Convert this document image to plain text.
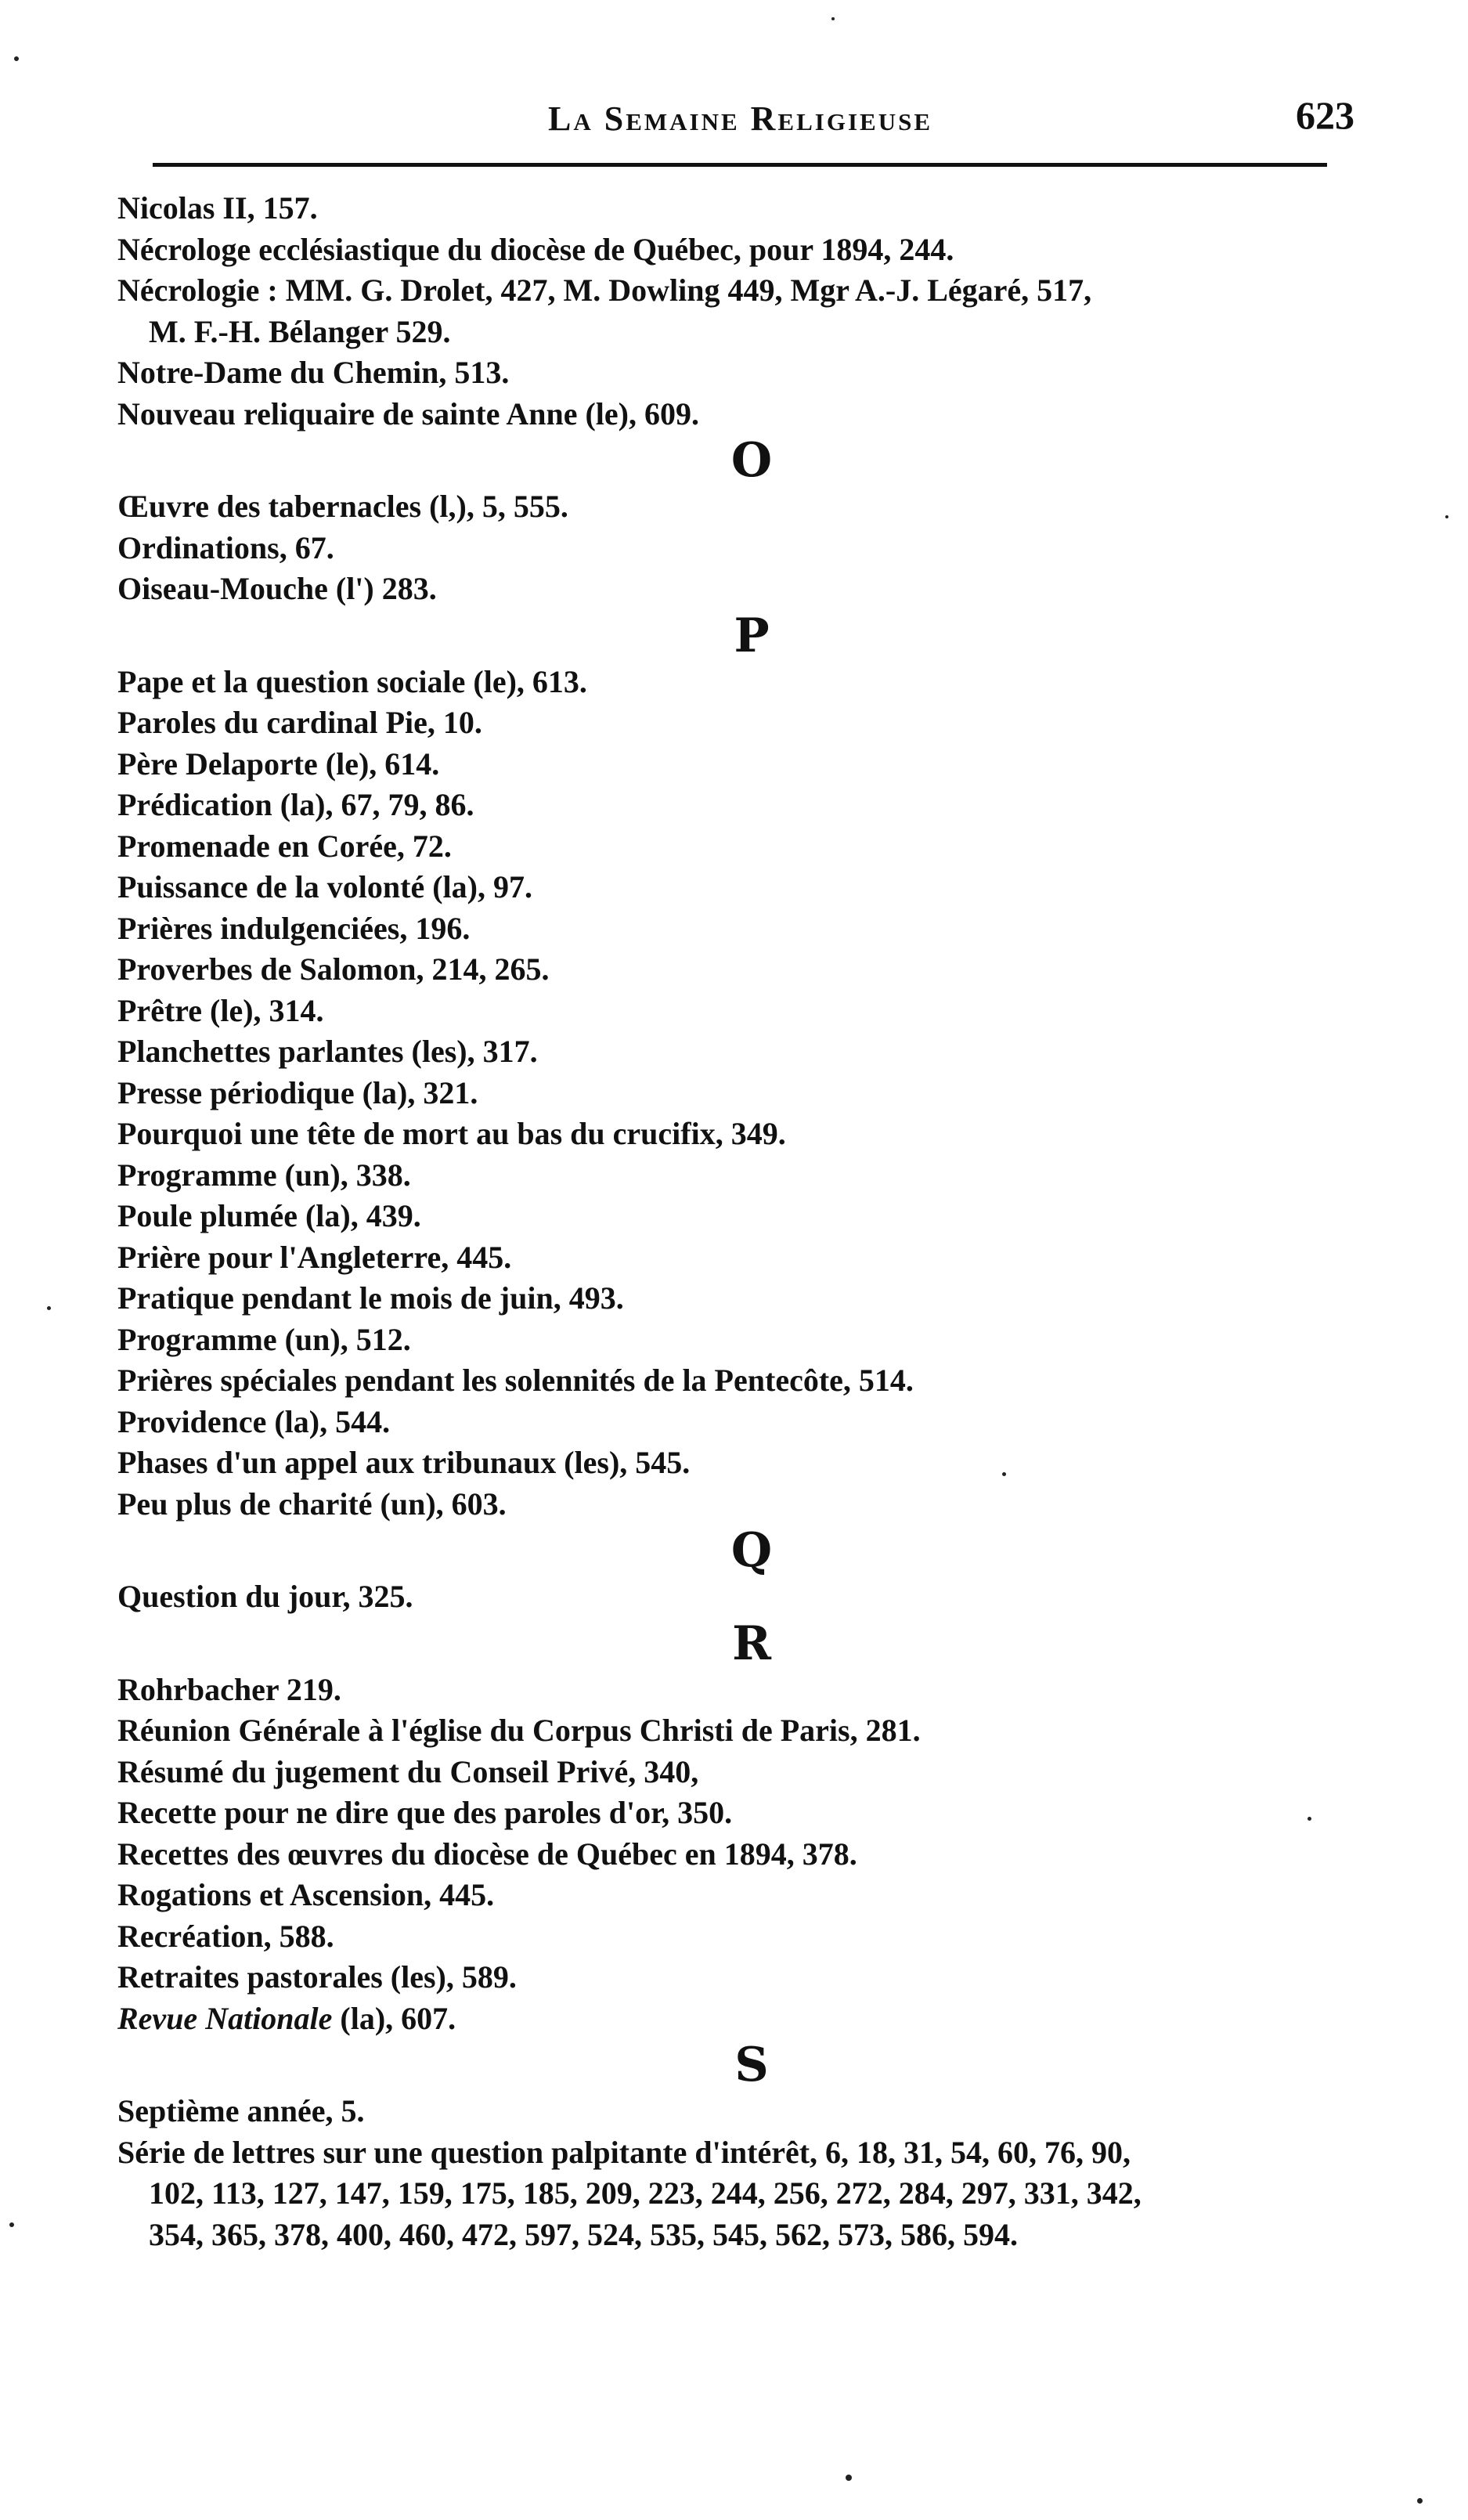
La Semaine Religieuse	623
Nicolas II, 157.
Nécrologe ecclésiastique du diocèse de Québec, pour 1894, 244.
Nécrologie : MM. G. Drolet, 427, M. Dowling 449, Mgr A.-J. Légaré, 517,
M. F.-H. Bélanger 529.
Notre-Dame du Chemin, 513.
Nouveau reliquaire de sainte Anne (le), 609.
O
Œuvre des tabernacles (l,), 5, 555.
Ordinations, 67.
Oiseau-Mouche (l') 283.
P
Pape et la question sociale (le), 613.
Paroles du cardinal Pie, 10.
Père Delaporte (le), 614.
Prédication (la), 67, 79, 86.
Promenade en Corée, 72.
Puissance de la volonté (la), 97.
Prières indulgenciées, 196.
Proverbes de Salomon, 214, 265.
Prêtre (le), 314.
Planchettes parlantes (les), 317.
Presse périodique (la), 321.
Pourquoi une tête de mort au bas du crucifix, 349.
Programme (un), 338.
Poule plumée (la), 439.
Prière pour l'Angleterre, 445.
Pratique pendant le mois de juin, 493.
Programme (un), 512.
Prières spéciales pendant les solennités de la Pentecôte, 514.
Providence (la), 544.
Phases d'un appel aux tribunaux (les), 545.
Peu plus de charité (un), 603.
Q
Question du jour, 325.
R
Rohrbacher 219.
Réunion Générale à l'église du Corpus Christi de Paris, 281.
Résumé du jugement du Conseil Privé, 340,
Recette pour ne dire que des paroles d'or, 350.
Recettes des œuvres du diocèse de Québec en 1894, 378.
Rogations et Ascension, 445.
Recréation, 588.
Retraites pastorales (les), 589.
Revue Nationale (la), 607.
S
Septième année, 5.
Série de lettres sur une question palpitante d'intérêt, 6, 18, 31, 54, 60, 76, 90,
102, 113, 127, 147, 159, 175, 185, 209, 223, 244, 256, 272, 284, 297, 331, 342,
354, 365, 378, 400, 460, 472, 597, 524, 535, 545, 562, 573, 586, 594.
